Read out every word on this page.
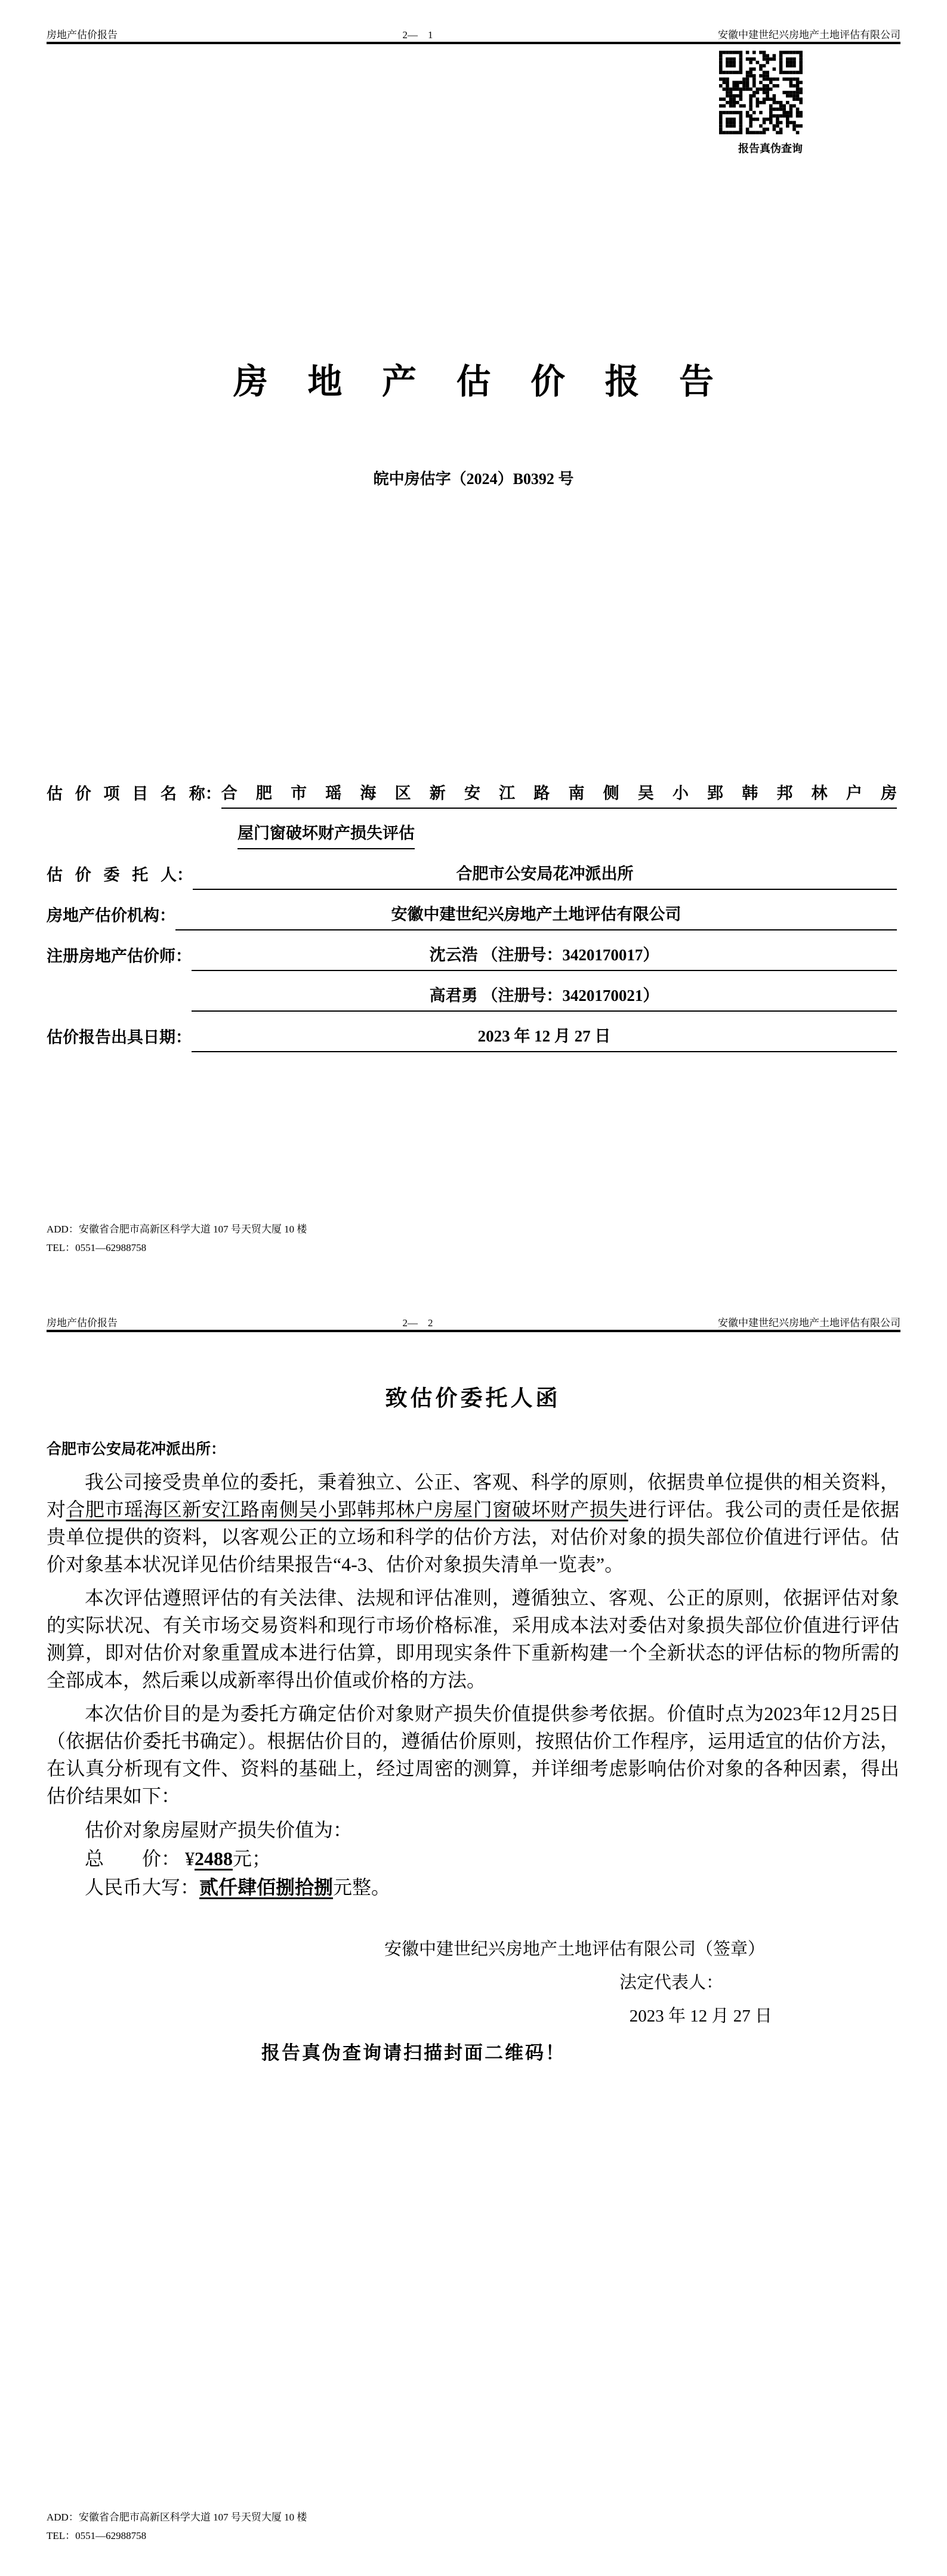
房地产估价报告	2—    1	安徽中建世纪兴房地产土地评估有限公司
报告真伪查询
房 地 产 估 价 报 告
皖中房估字（2024）B0392 号
估 价 项 目 名 称： 合肥市瑶海区新安江路南侧吴小郢韩邦林户房
屋门窗破坏财产损失评估
估 价 委 托 人：	合肥市公安局花冲派出所
房地产估价机构：	安徽中建世纪兴房地产土地评估有限公司
注册房地产估价师：	沈云浩 （注册号：3420170017）
高君勇 （注册号：3420170021）
估价报告出具日期：	2023 年 12 月 27 日
ADD：安徽省合肥市高新区科学大道 107 号天贸大厦 10 楼
TEL：0551—62988758
房地产估价报告	2—    2	安徽中建世纪兴房地产土地评估有限公司
致估价委托人函
合肥市公安局花冲派出所：

我公司接受贵单位的委托，秉着独立、公正、客观、科学的原则，依据贵单位提供的相关资料，对合肥市瑶海区新安江路南侧吴小郢韩邦林户房屋门窗破坏财产损失进行评估。我公司的责任是依据贵单位提供的资料，以客观公正的立场和科学的估价方法，对估价对象的损失部位价值进行评估。估价对象基本状况详见估价结果报告“4-3、估价对象损失清单一览表”。

本次评估遵照评估的有关法律、法规和评估准则，遵循独立、客观、公正的原则，依据评估对象的实际状况、有关市场交易资料和现行市场价格标准，采用成本法对委估对象损失部位价值进行评估测算，即对估价对象重置成本进行估算，即用现实条件下重新构建一个全新状态的评估标的物所需的全部成本，然后乘以成新率得出价值或价格的方法。

本次估价目的是为委托方确定估价对象财产损失价值提供参考依据。价值时点为2023年12月25日（依据估价委托书确定）。根据估价目的，遵循估价原则，按照估价工作程序，运用适宜的估价方法，在认真分析现有文件、资料的基础上，经过周密的测算，并详细考虑影响估价对象的各种因素，得出估价结果如下：

估价对象房屋财产损失价值为：

总        价： ¥2488元；

人民币大写：贰仟肆佰捌拾捌元整。

安徽中建世纪兴房地产土地评估有限公司（签章）
法定代表人：
2023 年 12 月 27 日
报告真伪查询请扫描封面二维码！
ADD：安徽省合肥市高新区科学大道 107 号天贸大厦 10 楼
TEL：0551—62988758
